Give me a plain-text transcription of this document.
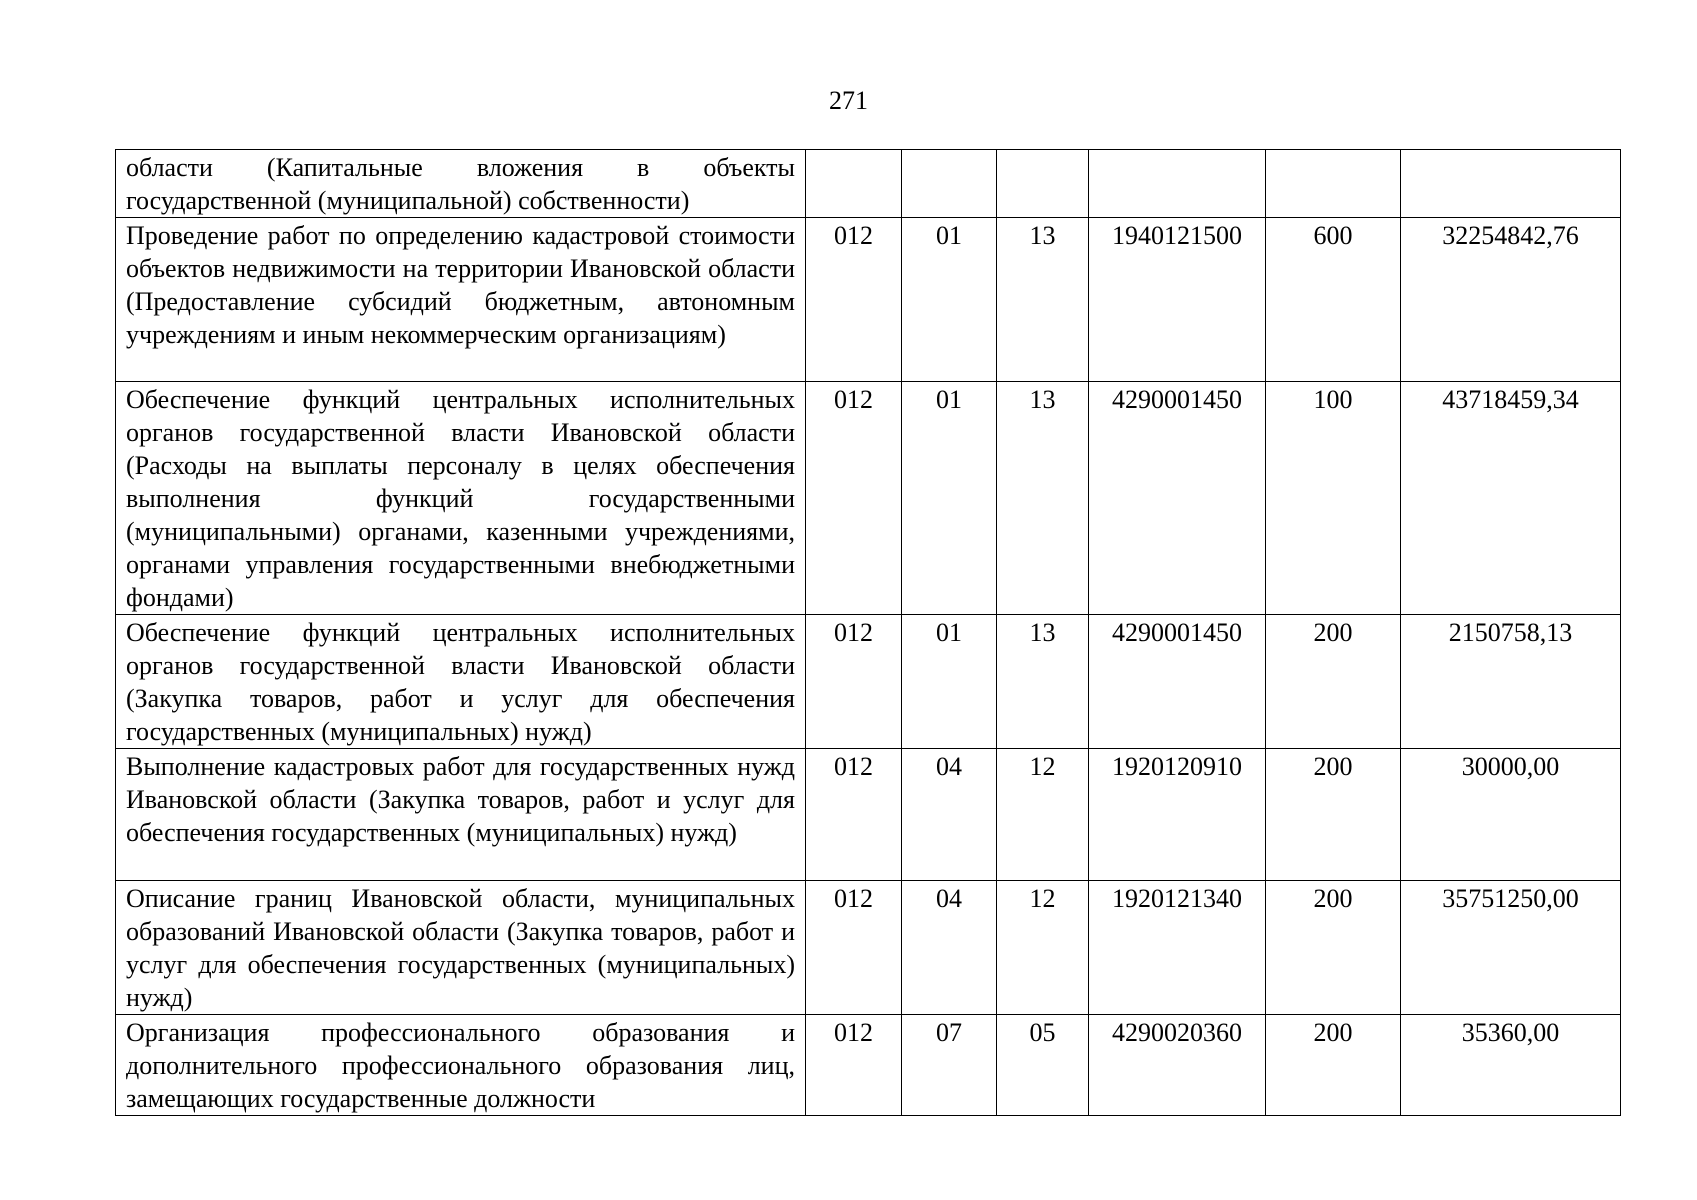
271
области (Капитальные вложения в объекты государственной (муниципальной) собственности)						
Проведение работ по определению кадастровой стоимости объектов недвижимости на территории Ивановской области (Предоставление субсидий бюджетным, автономным учреждениям и иным некоммерческим организациям)	012	01	13	1940121500	600	32254842,76
Обеспечение функций центральных исполнительных органов государственной власти Ивановской области (Расходы на выплаты персоналу в целях обеспечения выполнения функций государственными (муниципальными) органами, казенными учреждениями, органами управления государственными внебюджетными фондами)	012	01	13	4290001450	100	43718459,34
Обеспечение функций центральных исполнительных органов государственной власти Ивановской области (Закупка товаров, работ и услуг для обеспечения государственных (муниципальных) нужд)	012	01	13	4290001450	200	2150758,13
Выполнение кадастровых работ для государственных нужд Ивановской области (Закупка товаров, работ и услуг для обеспечения государственных (муниципальных) нужд)	012	04	12	1920120910	200	30000,00
Описание границ Ивановской области, муниципальных образований Ивановской области (Закупка товаров, работ и услуг для обеспечения государственных (муниципальных) нужд)	012	04	12	1920121340	200	35751250,00
Организация профессионального образования и дополнительного профессионального образования лиц, замещающих государственные должности	012	07	05	4290020360	200	35360,00
